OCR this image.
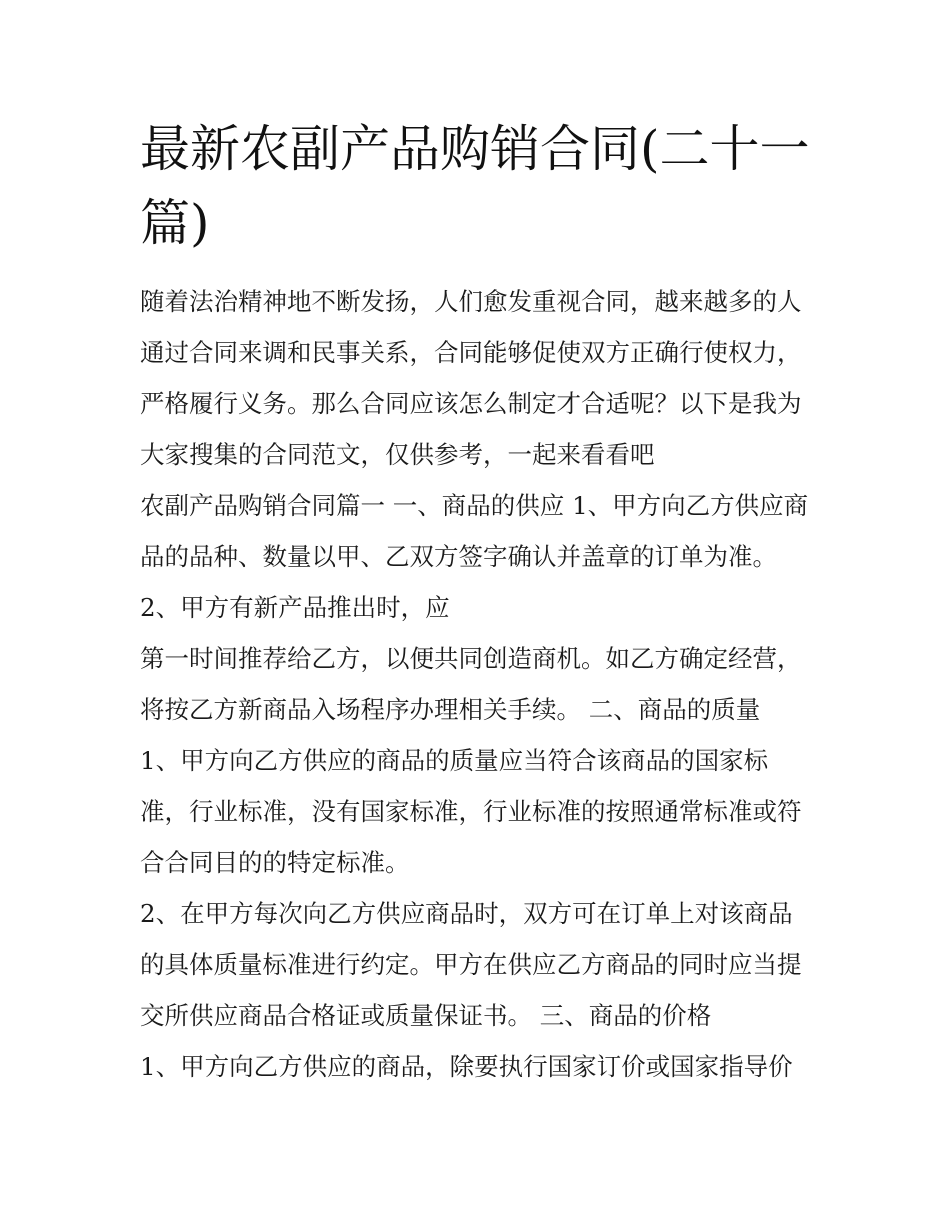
最新农副产品购销合同(二十一
篇)
随着法治精神地不断发扬，人们愈发重视合同，越来越多的人
通过合同来调和民事关系，合同能够促使双方正确行使权力，
严格履行义务。那么合同应该怎么制定才合适呢？以下是我为
大家搜集的合同范文，仅供参考，一起来看看吧
农副产品购销合同篇一 一、商品的供应 1、甲方向乙方供应商
品的品种、数量以甲、乙双方签字确认并盖章的订单为准。
2、甲方有新产品推出时，应
第一时间推荐给乙方，以便共同创造商机。如乙方确定经营，
将按乙方新商品入场程序办理相关手续。 二、商品的质量
1、甲方向乙方供应的商品的质量应当符合该商品的国家标
准，行业标准，没有国家标准，行业标准的按照通常标准或符
合合同目的的特定标准。
2、在甲方每次向乙方供应商品时，双方可在订单上对该商品
的具体质量标准进行约定。甲方在供应乙方商品的同时应当提
交所供应商品合格证或质量保证书。 三、商品的价格
1、甲方向乙方供应的商品，除要执行国家订价或国家指导价
